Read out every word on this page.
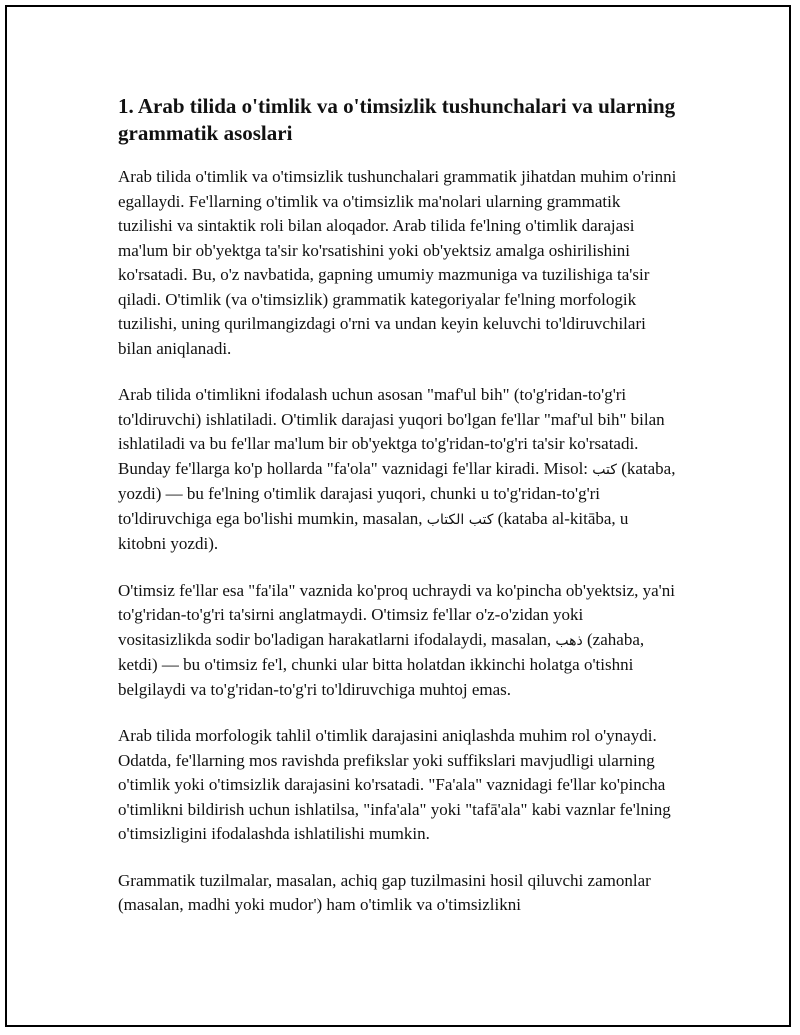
1. Arab tilida o'timlik va o'timsizlik tushunchalari va ularning grammatik asoslari

Arab tilida o'timlik va o'timsizlik tushunchalari grammatik jihatdan muhim o'rinni egallaydi. Fe'llarning o'timlik va o'timsizlik ma'nolari ularning grammatik tuzilishi va sintaktik roli bilan aloqador. Arab tilida fe'lning o'timlik darajasi ma'lum bir ob'yektga ta'sir ko'rsatishini yoki ob'yektsiz amalga oshirilishini ko'rsatadi. Bu, o'z navbatida, gapning umumiy mazmuniga va tuzilishiga ta'sir qiladi. O'timlik (va o'timsizlik) grammatik kategoriyalar fe'lning morfologik tuzilishi, uning qurilmangizdagi o'rni va undan keyin keluvchi to'ldiruvchilari bilan aniqlanadi.

Arab tilida o'timlikni ifodalash uchun asosan "maf'ul bih" (to'g'ridan-to'g'ri to'ldiruvchi) ishlatiladi. O'timlik darajasi yuqori bo'lgan fe'llar "maf'ul bih" bilan ishlatiladi va bu fe'llar ma'lum bir ob'yektga to'g'ridan-to'g'ri ta'sir ko'rsatadi. Bunday fe'llarga ko'p hollarda "fa'ola" vaznidagi fe'llar kiradi. Misol: كتب (kataba, yozdi) — bu fe'lning o'timlik darajasi yuqori, chunki u to'g'ridan-to'g'ri to'ldiruvchiga ega bo'lishi mumkin, masalan, كتب الكتاب (kataba al-kitāba, u kitobni yozdi).

O'timsiz fe'llar esa "fa'ila" vaznida ko'proq uchraydi va ko'pincha ob'yektsiz, ya'ni to'g'ridan-to'g'ri ta'sirni anglatmaydi. O'timsiz fe'llar o'z-o'zidan yoki vositasizlikda sodir bo'ladigan harakatlarni ifodalaydi, masalan, ذهب (zahaba, ketdi) — bu o'timsiz fe'l, chunki ular bitta holatdan ikkinchi holatga o'tishni belgilaydi va to'g'ridan-to'g'ri to'ldiruvchiga muhtoj emas.

Arab tilida morfologik tahlil o'timlik darajasini aniqlashda muhim rol o'ynaydi. Odatda, fe'llarning mos ravishda prefikslar yoki suffikslari mavjudligi ularning o'timlik yoki o'timsizlik darajasini ko'rsatadi. "Fa'ala" vaznidagi fe'llar ko'pincha o'timlikni bildirish uchun ishlatilsa, "infa'ala" yoki "tafā'ala" kabi vaznlar fe'lning o'timsizligini ifodalashda ishlatilishi mumkin.

Grammatik tuzilmalar, masalan, achiq gap tuzilmasini hosil qiluvchi zamonlar (masalan, madhi yoki mudor') ham o'timlik va o'timsizlikni
